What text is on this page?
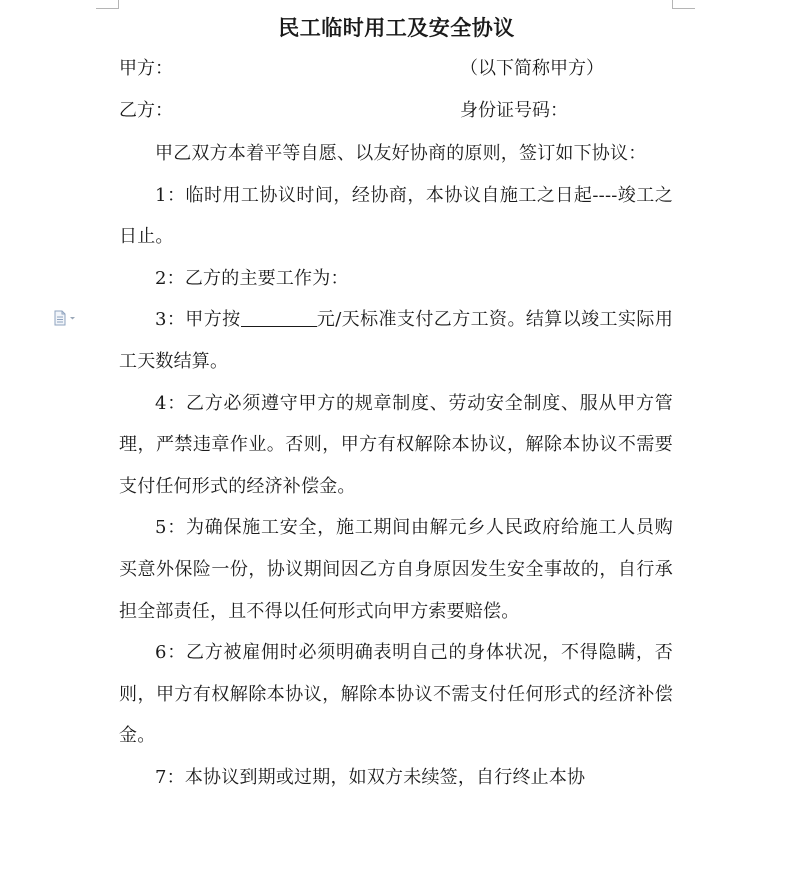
民工临时用工及安全协议
甲方：	（以下简称甲方）
乙方：	身份证号码：

甲乙双方本着平等自愿、以友好协商的原则，签订如下协议：

1：临时用工协议时间，经协商，本协议自施工之日起----竣工之日止。

2：乙方的主要工作为：

3：甲方按	元/天标准支付乙方工资。结算以竣工实际用工天数结算。

4：乙方必须遵守甲方的规章制度、劳动安全制度、服从甲方管理，严禁违章作业。否则，甲方有权解除本协议，解除本协议不需要支付任何形式的经济补偿金。

5：为确保施工安全，施工期间由解元乡人民政府给施工人员购买意外保险一份，协议期间因乙方自身原因发生安全事故的，自行承担全部责任，且不得以任何形式向甲方索要赔偿。

6：乙方被雇佣时必须明确表明自己的身体状况，不得隐瞒，否则，甲方有权解除本协议，解除本协议不需支付任何形式的经济补偿金。

7：本协议到期或过期，如双方未续签，自行终止本协
